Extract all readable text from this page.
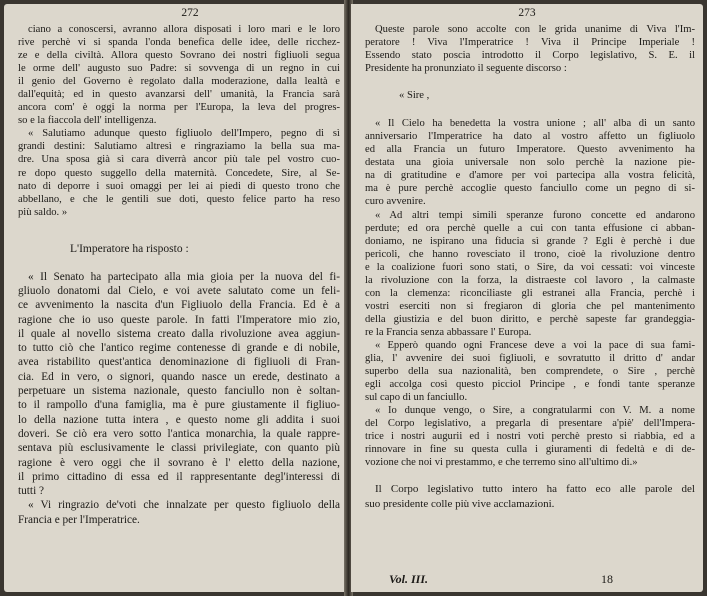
272
ciano a conoscersi, avranno allora disposati i loro mari e le loro
rive perchè vi si spanda l'onda benefica delle idee, delle ricchez-
ze e della civiltà. Allora questo Sovrano dei nostri figliuoli segua
le orme dell' augusto suo Padre: si sovvenga di un regno in cui
il genio del Governo è regolato dalla moderazione, dalla lealtà e
dall'equità; ed in questo avanzarsi dell' umanità, la Francia sarà
ancora com' è oggi la norma per l'Europa, la leva del progres-
so e la fiaccola dell' intelligenza.
« Salutiamo adunque questo figliuolo dell'Impero, pegno di sì
grandi destini: Salutiamo altresì e ringraziamo la bella sua ma-
dre. Una sposa già sì cara diverrà ancor più tale pel vostro cuo-
re dopo questo suggello della maternità. Concedete, Sire, al Se-
nato di deporre i suoi omaggi per lei ai piedi di questo trono che
abbellano, e che le gentili sue doti, questo felice parto ha reso
più saldo. »
L'Imperatore ha risposto :
« Il Senato ha partecipato alla mia gioia per la nuova del fi-
gliuolo donatomi dal Cielo, e voi avete salutato come un feli-
ce avvenimento la nascita d'un Figliuolo della Francia. Ed è a
ragione che io uso queste parole. In fatti l'Imperatore mio zio,
il quale al novello sistema creato dalla rivoluzione avea aggiun-
to tutto ciò che l'antico regime contenesse di grande e di nobile,
avea ristabilito quest'antica denominazione di figliuoli di Fran-
cia. Ed in vero, o signori, quando nasce un erede, destinato a
perpetuare un sistema nazionale, questo fanciullo non è soltan-
to il rampollo d'una famiglia, ma è pure giustamente il figliuo-
lo della nazione tutta intera , e questo nome gli addita i suoi
doveri. Se ciò era vero sotto l'antica monarchia, la quale rappre-
sentava più esclusivamente le classi privilegiate, con quanto più
ragione è vero oggi che il sovrano è l' eletto della nazione,
il primo cittadino di essa ed il rappresentante degl'interessi di
tutti ?
« Vi ringrazio de'voti che innalzate per questo figliuolo della
Francia e per l'Imperatrice.
273
Queste parole sono accolte con le grida unanime di Viva l'Im-
peratore ! Viva l'Imperatrice ! Viva il Principe Imperiale !
Essendo stato poscia introdotto il Corpo legislativo, S. E. il
Presidente ha pronunziato il seguente discorso :
« Sire ,
« Il Cielo ha benedetta la vostra unione ; all' alba di un santo
anniversario l'Imperatrice ha dato al vostro affetto un figliuolo
ed alla Francia un futuro Imperatore. Questo avvenimento ha
destata una gioia universale non solo perchè la nazione pie-
na di gratitudine e d'amore per voi partecipa alla vostra felicità,
ma è pure perchè accoglie questo fanciullo come un pegno di si-
curo avvenire.
« Ad altri tempi simili speranze furono concette ed andarono
perdute; ed ora perchè quelle a cui con tanta effusione ci abban-
doniamo, ne ispirano una fiducia sì grande ? Egli è perchè i due
pericoli, che hanno rovesciato il trono, cioè la rivoluzione dentro
e la coalizione fuori sono stati, o Sire, da voi cessati: voi vinceste
la rivoluzione con la forza, la distraeste col lavoro , la calmaste
con la clemenza: riconciliaste gli estranei alla Francia, perchè i
vostri eserciti non si fregiaron di gloria che pel mantenimento
della giustizia e del buon diritto, e perchè sapeste far grandeggia-
re la Francia senza abbassare l' Europa.
« Epperò quando ogni Francese deve a voi la pace di sua fami-
glia, l' avvenire dei suoi figliuoli, e sovratutto il dritto d' andar
superbo della sua nazionalità, ben comprendete, o Sire , perchè
egli accolga così questo picciol Principe , e fondi tante speranze
sul capo di un fanciullo.
« Io dunque vengo, o Sire, a congratularmi con V. M. a nome
del Corpo legislativo, a pregarla di presentare a'piè' dell'Impera-
trice i nostri augurii ed i nostri voti perchè presto si riabbia, ed a
rinnovare in fine su questa culla i giuramenti di fedeltà e di de-
vozione che noi vi prestammo, e che terremo sino all'ultimo di.»
Il Corpo legislativo tutto intero ha fatto eco alle parole del
suo presidente colle più vive acclamazioni.
Vol. III.	18
